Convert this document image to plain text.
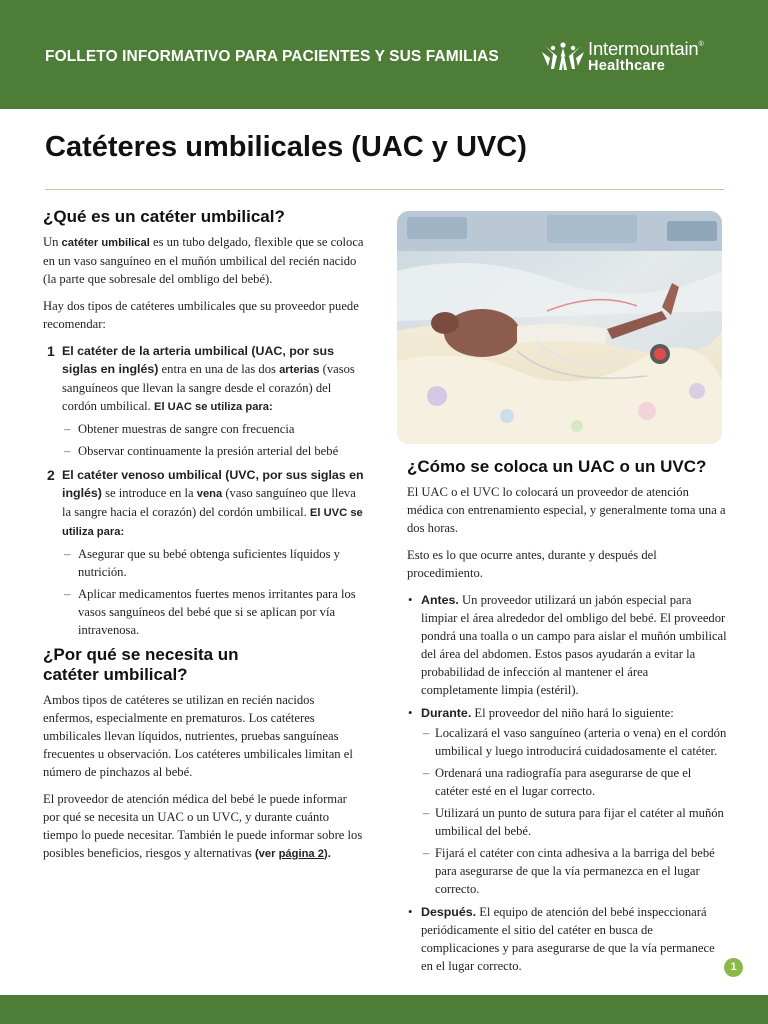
FOLLETO INFORMATIVO PARA PACIENTES Y SUS FAMILIAS	Intermountain®
Healthcare
Catéteres umbilicales (UAC y UVC)
¿Qué es un catéter umbilical?

Un catéter umbilical es un tubo delgado, flexible que se coloca en un vaso sanguíneo en el muñón umbilical del recién nacido (la parte que sobresale del ombligo del bebé).

Hay dos tipos de catéteres umbilicales que su proveedor puede recomendar:

1 El catéter de la arteria umbilical (UAC, por sus siglas en inglés) entra en una de las dos arterias (vasos sanguíneos que llevan la sangre desde el corazón) del cordón umbilical. El UAC se utiliza para:

– Obtener muestras de sangre con frecuencia
– Observar continuamente la presión arterial del bebé
2 El catéter venoso umbilical (UVC, por sus siglas en inglés) se introduce en la vena (vaso sanguíneo que lleva la sangre hacia el corazón) del cordón umbilical. El UVC se utiliza para:

– Asegurar que su bebé obtenga suficientes líquidos y nutrición.
– Aplicar medicamentos fuertes menos irritantes para los vasos sanguíneos del bebé que si se aplican por vía intravenosa.
¿Por qué se necesita un catéter umbilical?

Ambos tipos de catéteres se utilizan en recién nacidos enfermos, especialmente en prematuros. Los catéteres umbilicales llevan líquidos, nutrientes, pruebas sanguíneas frecuentes u observación. Los catéteres umbilicales limitan el número de pinchazos al bebé.

El proveedor de atención médica del bebé le puede informar por qué se necesita un UAC o un UVC, y durante cuánto tiempo lo puede necesitar. También le puede informar sobre los posibles beneficios, riesgos y alternativas (ver página 2).

¿Cómo se coloca un UAC o un UVC?

El UAC o el UVC lo colocará un proveedor de atención médica con entrenamiento especial, y generalmente toma una a dos horas.

Esto es lo que ocurre antes, durante y después del procedimiento.

• Antes. Un proveedor utilizará un jabón especial para limpiar el área alrededor del ombligo del bebé. El proveedor pondrá una toalla o un campo para aislar el muñón umbilical del área del abdomen. Estos pasos ayudarán a evitar la probabilidad de infección al mantener el área completamente limpia (estéril).
• Durante. El proveedor del niño hará lo siguiente:
– Localizará el vaso sanguíneo (arteria o vena) en el cordón umbilical y luego introducirá cuidadosamente el catéter.
– Ordenará una radiografía para asegurarse de que el catéter esté en el lugar correcto.
– Utilizará un punto de sutura para fijar el catéter al muñón umbilical del bebé.
– Fijará el catéter con cinta adhesiva a la barriga del bebé para asegurarse de que la vía permanezca en el lugar correcto.
• Después. El equipo de atención del bebé inspeccionará periódicamente el sitio del catéter en busca de complicaciones y para asegurarse de que la vía permanece en el lugar correcto.	1
